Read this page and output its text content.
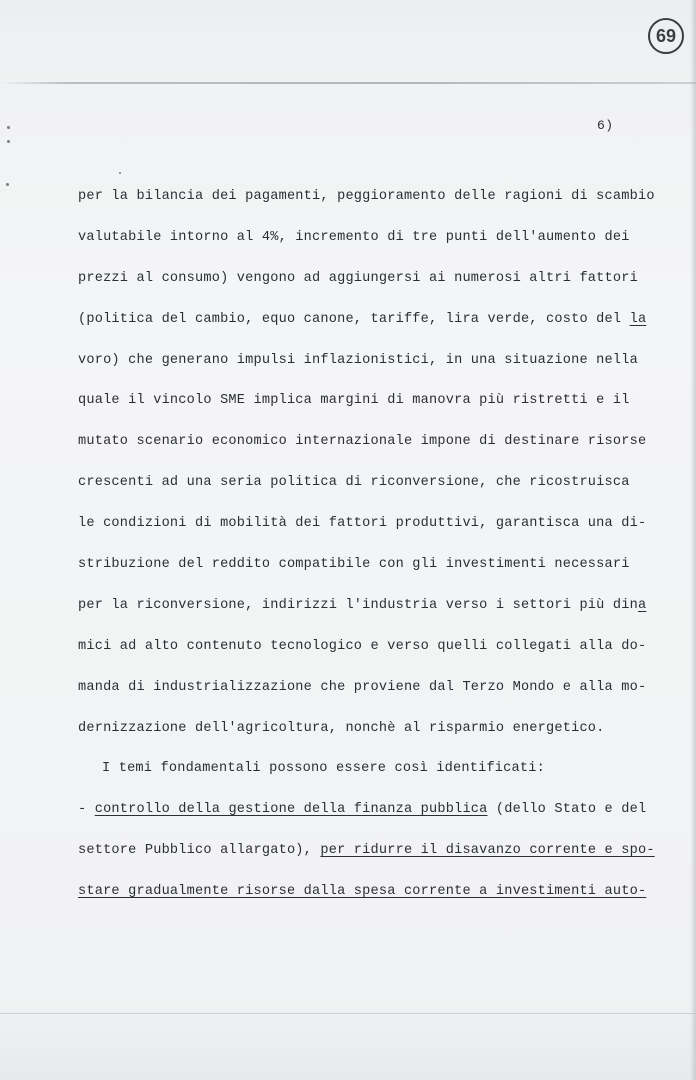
69
6)
per la bilancia dei pagamenti, peggioramento delle ragioni di scambio
valutabile intorno al 4%, incremento di tre punti dell'aumento dei
prezzi al consumo) vengono ad aggiungersi ai numerosi altri fattori
(politica del cambio, equo canone, tariffe, lira verde, costo del la
voro) che generano impulsi inflazionistici, in una situazione nella
quale il vincolo SME implica margini di manovra più ristretti e il
mutato scenario economico internazionale impone di destinare risorse
crescenti ad una seria politica di riconversione, che ricostruisca
le condizioni di mobilità dei fattori produttivi, garantisca una di-
stribuzione del reddito compatibile con gli investimenti necessari
per la riconversione, indirizzi l'industria verso i settori più dina
mici ad alto contenuto tecnologico e verso quelli collegati alla do-
manda di industrializzazione che proviene dal Terzo Mondo e alla mo-
dernizzazione dell'agricoltura, nonchè al risparmio energetico.
I temi fondamentali possono essere così identificati:
- controllo della gestione della finanza pubblica (dello Stato e del
settore Pubblico allargato), per ridurre il disavanzo corrente e spo-
stare gradualmente risorse dalla spesa corrente a investimenti auto-
